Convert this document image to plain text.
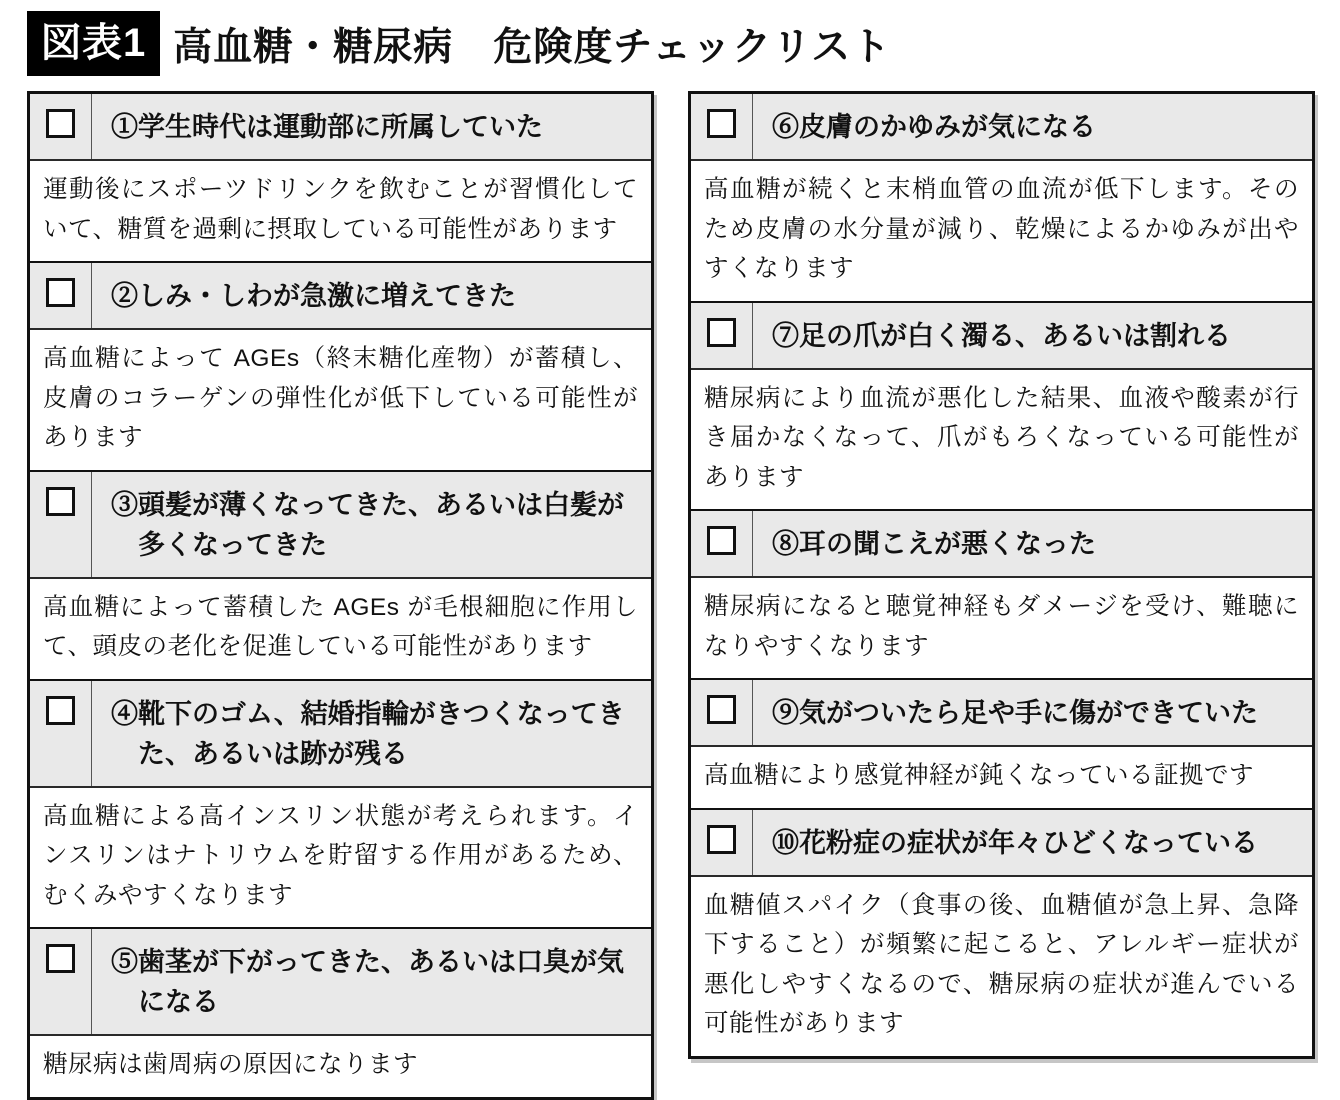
図表1 高血糖・糖尿病　危険度チェックリスト
①学生時代は運動部に所属していた

運動後にスポーツドリンクを飲むことが習慣化していて、糖質を過剰に摂取している可能性があります

②しみ・しわが急激に増えてきた

高血糖によって AGEs（終末糖化産物）が蓄積し、皮膚のコラーゲンの弾性化が低下している可能性があります

③頭髪が薄くなってきた、あるいは白髪が多くなってきた

高血糖によって蓄積した AGEs が毛根細胞に作用して、頭皮の老化を促進している可能性があります

④靴下のゴム、結婚指輪がきつくなってきた、あるいは跡が残る

高血糖による高インスリン状態が考えられます。インスリンはナトリウムを貯留する作用があるため、むくみやすくなります

⑤歯茎が下がってきた、あるいは口臭が気になる

糖尿病は歯周病の原因になります

⑥皮膚のかゆみが気になる

高血糖が続くと末梢血管の血流が低下します。そのため皮膚の水分量が減り、乾燥によるかゆみが出やすくなります

⑦足の爪が白く濁る、あるいは割れる

糖尿病により血流が悪化した結果、血液や酸素が行き届かなくなって、爪がもろくなっている可能性があります

⑧耳の聞こえが悪くなった

糖尿病になると聴覚神経もダメージを受け、難聴になりやすくなります

⑨気がついたら足や手に傷ができていた

高血糖により感覚神経が鈍くなっている証拠です

⑩花粉症の症状が年々ひどくなっている

血糖値スパイク（食事の後、血糖値が急上昇、急降下すること）が頻繁に起こると、アレルギー症状が悪化しやすくなるので、糖尿病の症状が進んでいる可能性があります
